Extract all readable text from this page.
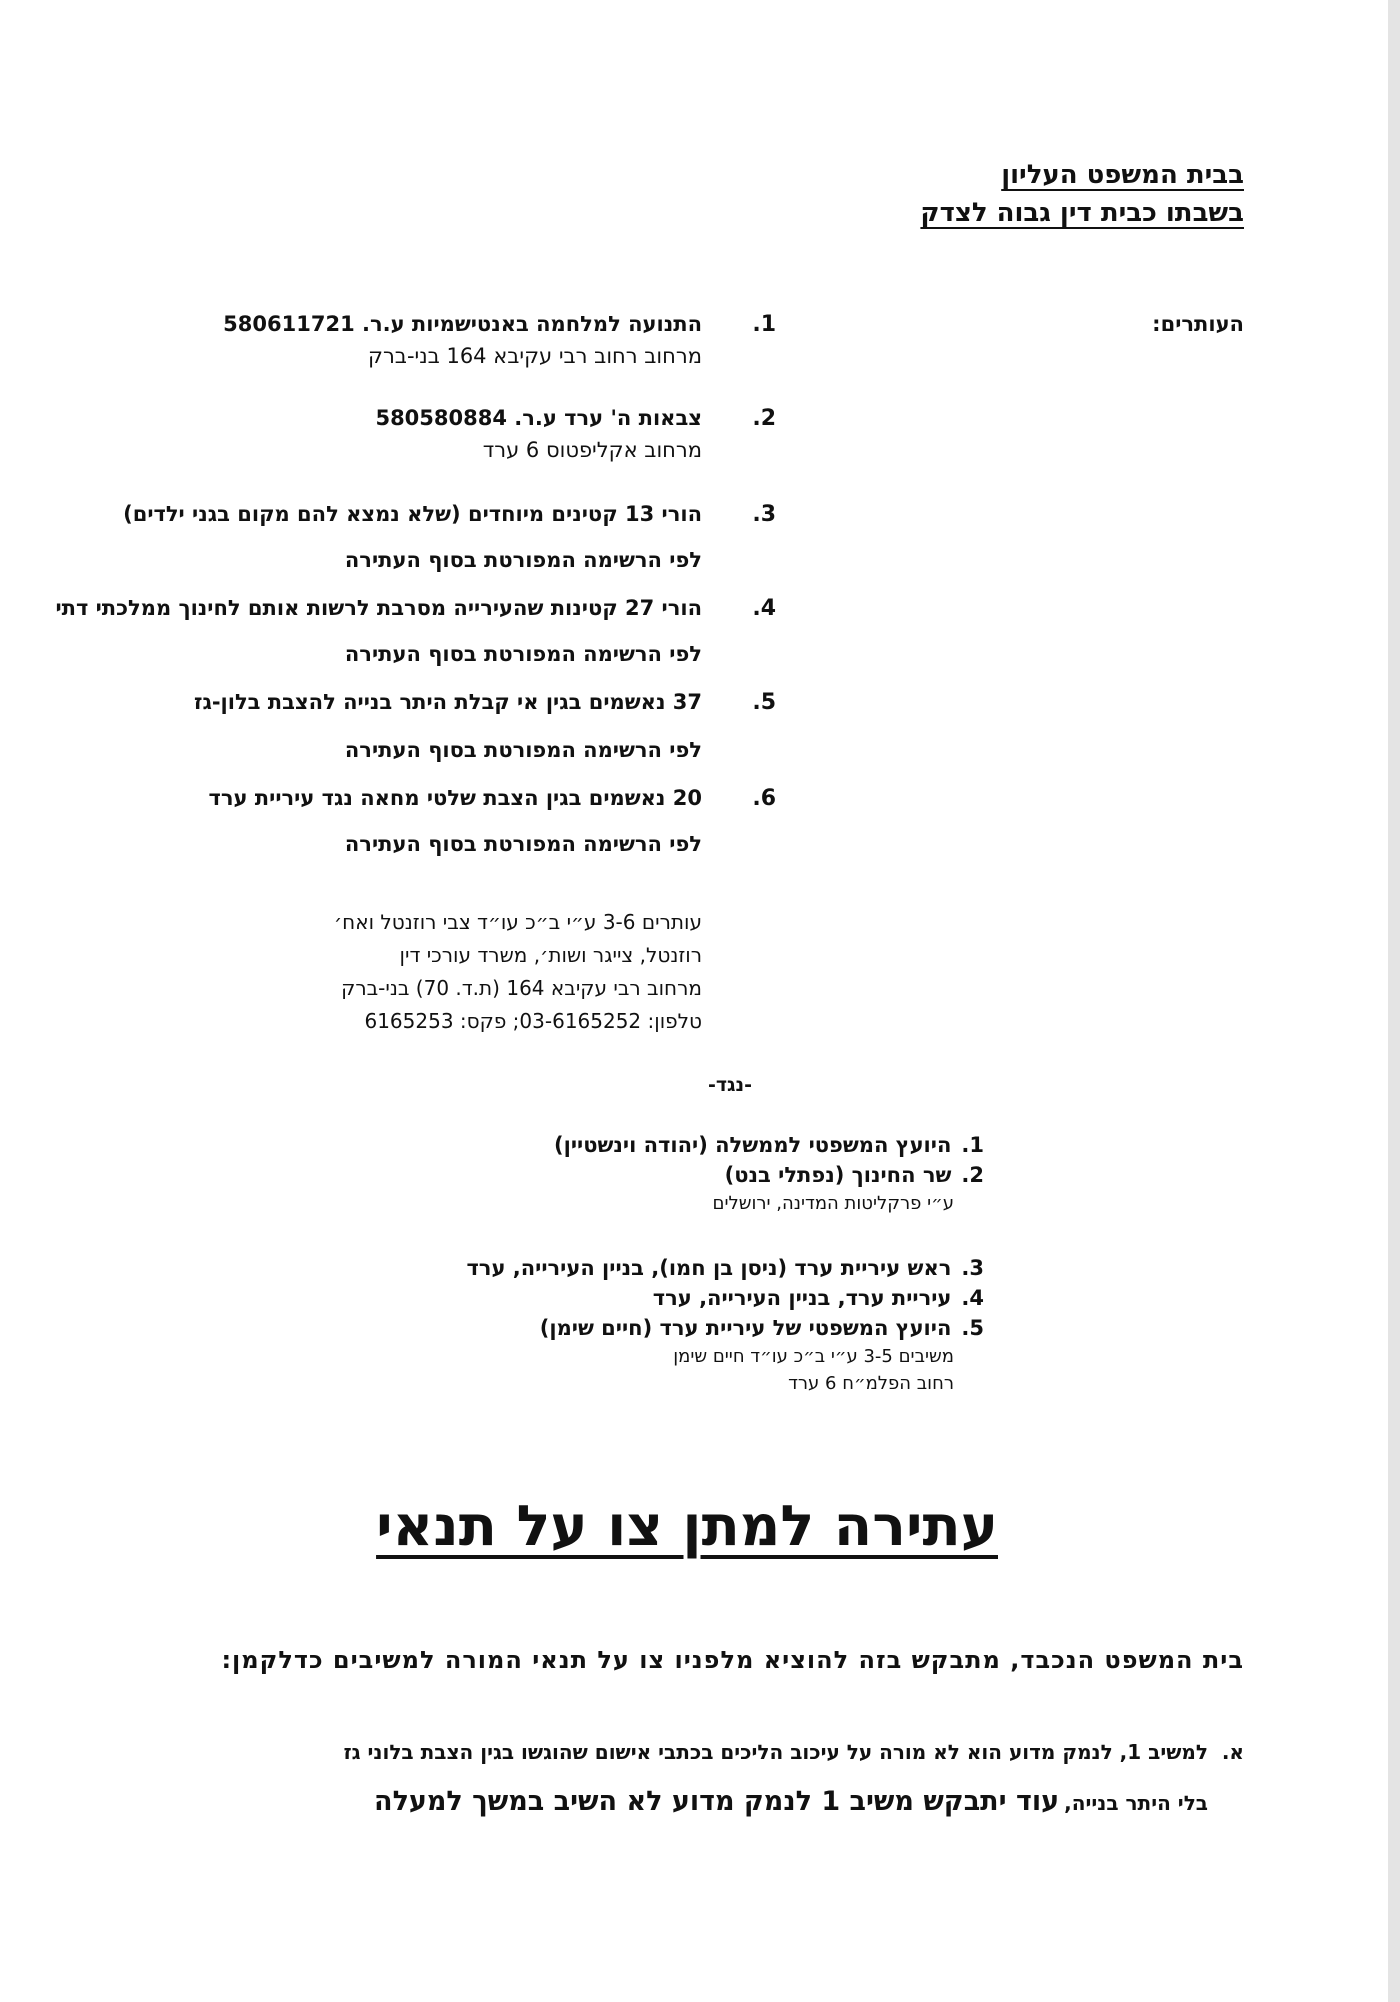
בבית המשפט העליון
בשבתו כבית דין גבוה לצדק
העותרים:
1.
התנועה למלחמה באנטישמיות ע.ר. 580611721
מרחוב רחוב רבי עקיבא 164 בני-ברק
2.
צבאות ה' ערד ע.ר. 580580884
מרחוב אקליפטוס 6 ערד
3.
הורי 13 קטינים מיוחדים (שלא נמצא להם מקום בגני ילדים)
לפי הרשימה המפורטת בסוף העתירה
4.
הורי 27 קטינות שהעירייה מסרבת לרשות אותם לחינוך ממלכתי דתי
לפי הרשימה המפורטת בסוף העתירה
5.
37 נאשמים בגין אי קבלת היתר בנייה להצבת בלון-גז
לפי הרשימה המפורטת בסוף העתירה
6.
20 נאשמים בגין הצבת שלטי מחאה נגד עיריית ערד
לפי הרשימה המפורטת בסוף העתירה
עותרים 3-6 ע״י ב״כ עו״ד צבי רוזנטל ואח׳
רוזנטל, צייגר ושות׳, משרד עורכי דין
מרחוב רבי עקיבא 164 (ת.ד. 70) בני-ברק
טלפון: 03-6165252; פקס: 6165253
-נגד-
1.
היועץ המשפטי לממשלה (יהודה וינשטיין)
2.
שר החינוך (נפתלי בנט)
ע״י פרקליטות המדינה, ירושלים
3.
ראש עיריית ערד (ניסן בן חמו), בניין העירייה, ערד
4.
עיריית ערד, בניין העירייה, ערד
5.
היועץ המשפטי של עיריית ערד (חיים שימן)
משיבים 3-5 ע״י ב״כ עו״ד חיים שימן
רחוב הפלמ״ח 6 ערד
עתירה למתן צו על תנאי
בית המשפט הנכבד, מתבקש בזה להוציא מלפניו צו על תנאי המורה למשיבים כדלקמן:
א.
למשיב 1, לנמק מדוע הוא לא מורה על עיכוב הליכים בכתבי אישום שהוגשו בגין הצבת בלוני גז
בלי היתר בנייה, עוד יתבקש משיב 1 לנמק מדוע לא השיב במשך למעלה
